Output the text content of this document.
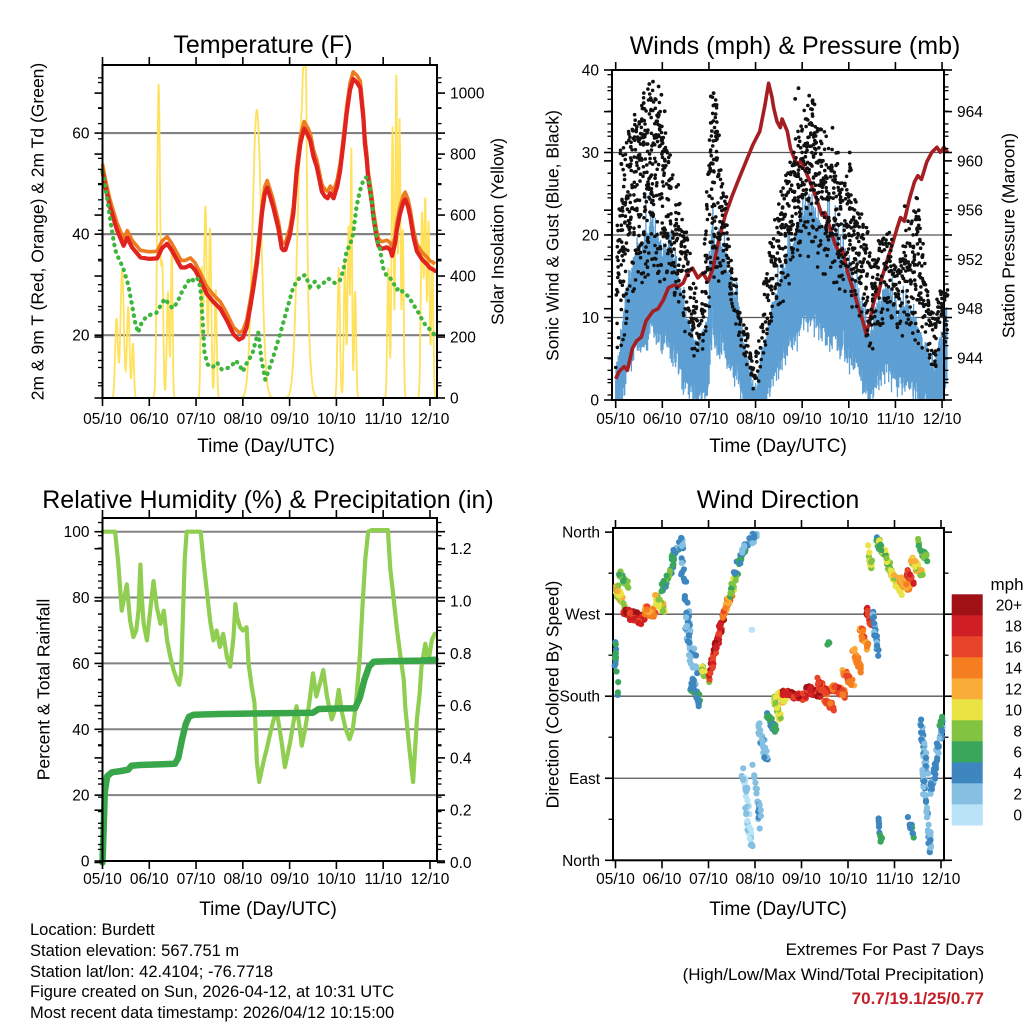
05/10 06/10 07/10 08/10 09/10 10/10 11/10 12/10
20
40
60
0
200
400
600
800
1000
05/10 06/10 07/10 08/10 09/10 10/10 11/10 12/10
0
10
20
30
40
944
948
952
956
960
964
05/10 06/10 07/10 08/10 09/10 10/10 11/10 12/10
0
20
40
60
80
100
0.0
0.2
0.4
0.6
0.8
1.0
1.2
05/10 06/10 07/10 08/10 09/10 10/10 11/10 12/10
North
West
South
East
North
mph
20+
18
16
14
12
10
8
6
4
2
0
Temperature (F)	Winds (mph) & Pressure (mb)
Relative Humidity (%) & Precipitation (in)	Wind Direction
2m & 9m T (Red, Orange) & 2m Td (Green)	Solar Insolation (Yellow) Sonic Wind & Gust (Blue, Black)	Station Pressure (Maroon)
Percent & Total Rainfall	Direction (Colored By Speed)
Time (Day/UTC)	Time (Day/UTC)
Time (Day/UTC)	Time (Day/UTC)
Location: Burdett
Station elevation: 567.751 m
Station lat/lon: 42.4104; -76.7718
Figure created on Sun, 2026-04-12, at 10:31 UTC
Most recent data timestamp: 2026/04/12 10:15:00
Extremes For Past 7 Days
(High/Low/Max Wind/Total Precipitation)
70.7/19.1/25/0.77
